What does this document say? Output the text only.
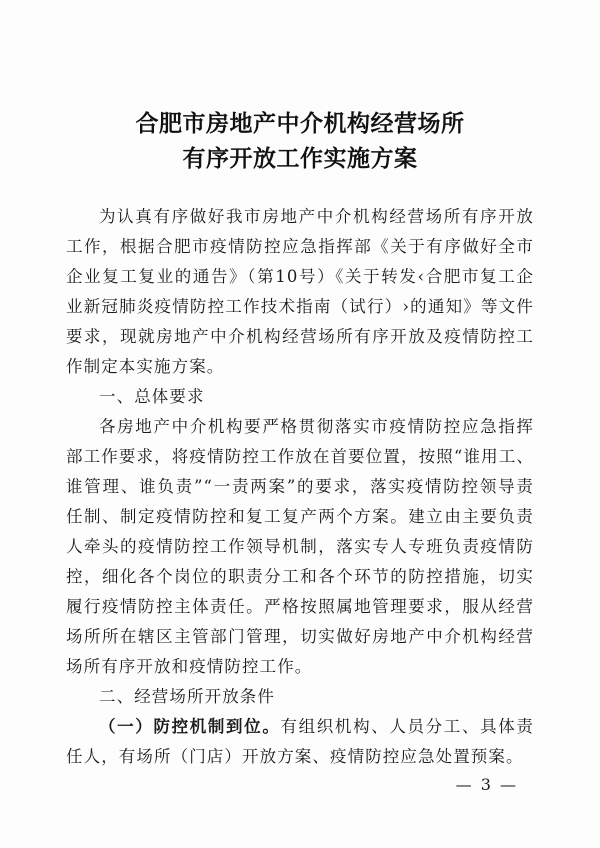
合肥市房地产中介机构经营场所
有序开放工作实施方案

为认真有序做好我市房地产中介机构经营场所有序开放工作，根据合肥市疫情防控应急指挥部《关于有序做好全市企业复工复业的通告》（第10号）《关于转发‹合肥市复工企业新冠肺炎疫情防控工作技术指南（试行）›的通知》等文件要求，现就房地产中介机构经营场所有序开放及疫情防控工作制定本实施方案。

一、总体要求

各房地产中介机构要严格贯彻落实市疫情防控应急指挥部工作要求，将疫情防控工作放在首要位置，按照“谁用工、谁管理、谁负责”“一责两案”的要求，落实疫情防控领导责任制、制定疫情防控和复工复产两个方案。建立由主要负责人牵头的疫情防控工作领导机制，落实专人专班负责疫情防控，细化各个岗位的职责分工和各个环节的防控措施，切实履行疫情防控主体责任。严格按照属地管理要求，服从经营场所所在辖区主管部门管理，切实做好房地产中介机构经营场所有序开放和疫情防控工作。

二、经营场所开放条件

（一）防控机制到位。有组织机构、人员分工、具体责任人，有场所（门店）开放方案、疫情防控应急处置预案。

— 3 —
